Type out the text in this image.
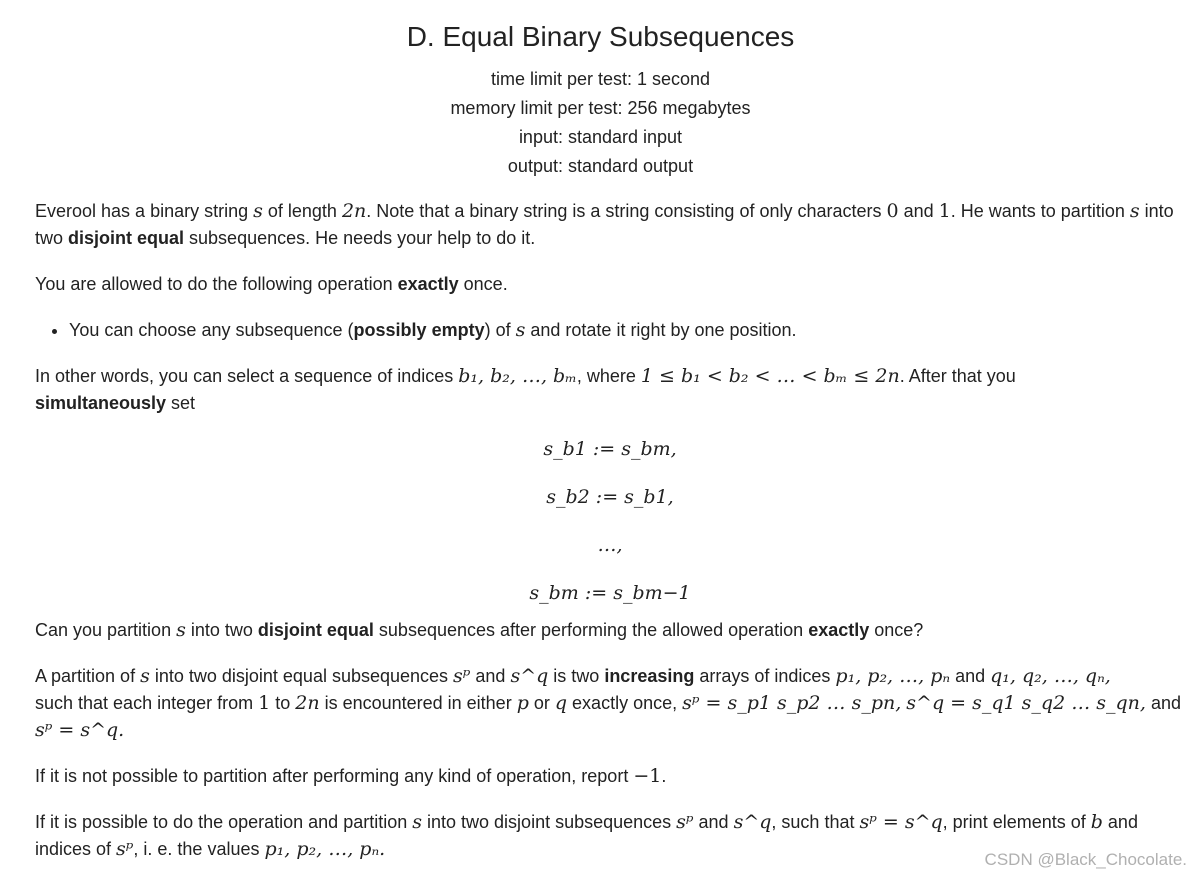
D. Equal Binary Subsequences
time limit per test: 1 second
memory limit per test: 256 megabytes
input: standard input
output: standard output

Everool has a binary string s of length 2n. Note that a binary string is a string consisting of only characters 0 and 1. He wants to partition s into two disjoint equal subsequences. He needs your help to do it.

You are allowed to do the following operation exactly once.

• You can choose any subsequence (possibly empty) of s and rotate it right by one position.

In other words, you can select a sequence of indices b₁, b₂, …, bₘ, where 1 ≤ b₁ < b₂ < … < bₘ ≤ 2n. After that you
simultaneously set

s_b1 := s_bm,
s_b2 := s_b1,
…,
s_bm := s_bm−1

Can you partition s into two disjoint equal subsequences after performing the allowed operation exactly once?

A partition of s into two disjoint equal subsequences sᵖ and s^q is two increasing arrays of indices p₁, p₂, …, pₙ and q₁, q₂, …, qₙ,
such that each integer from 1 to 2n is encountered in either p or q exactly once, sᵖ = s_p1 s_p2 … s_pn, s^q = s_q1 s_q2 … s_qn, and
sᵖ = s^q.

If it is not possible to partition after performing any kind of operation, report −1.

If it is possible to do the operation and partition s into two disjoint subsequences sᵖ and s^q, such that sᵖ = s^q, print elements of b and
indices of sᵖ, i. e. the values p₁, p₂, …, pₙ.	CSDN @Black_Chocolate.
